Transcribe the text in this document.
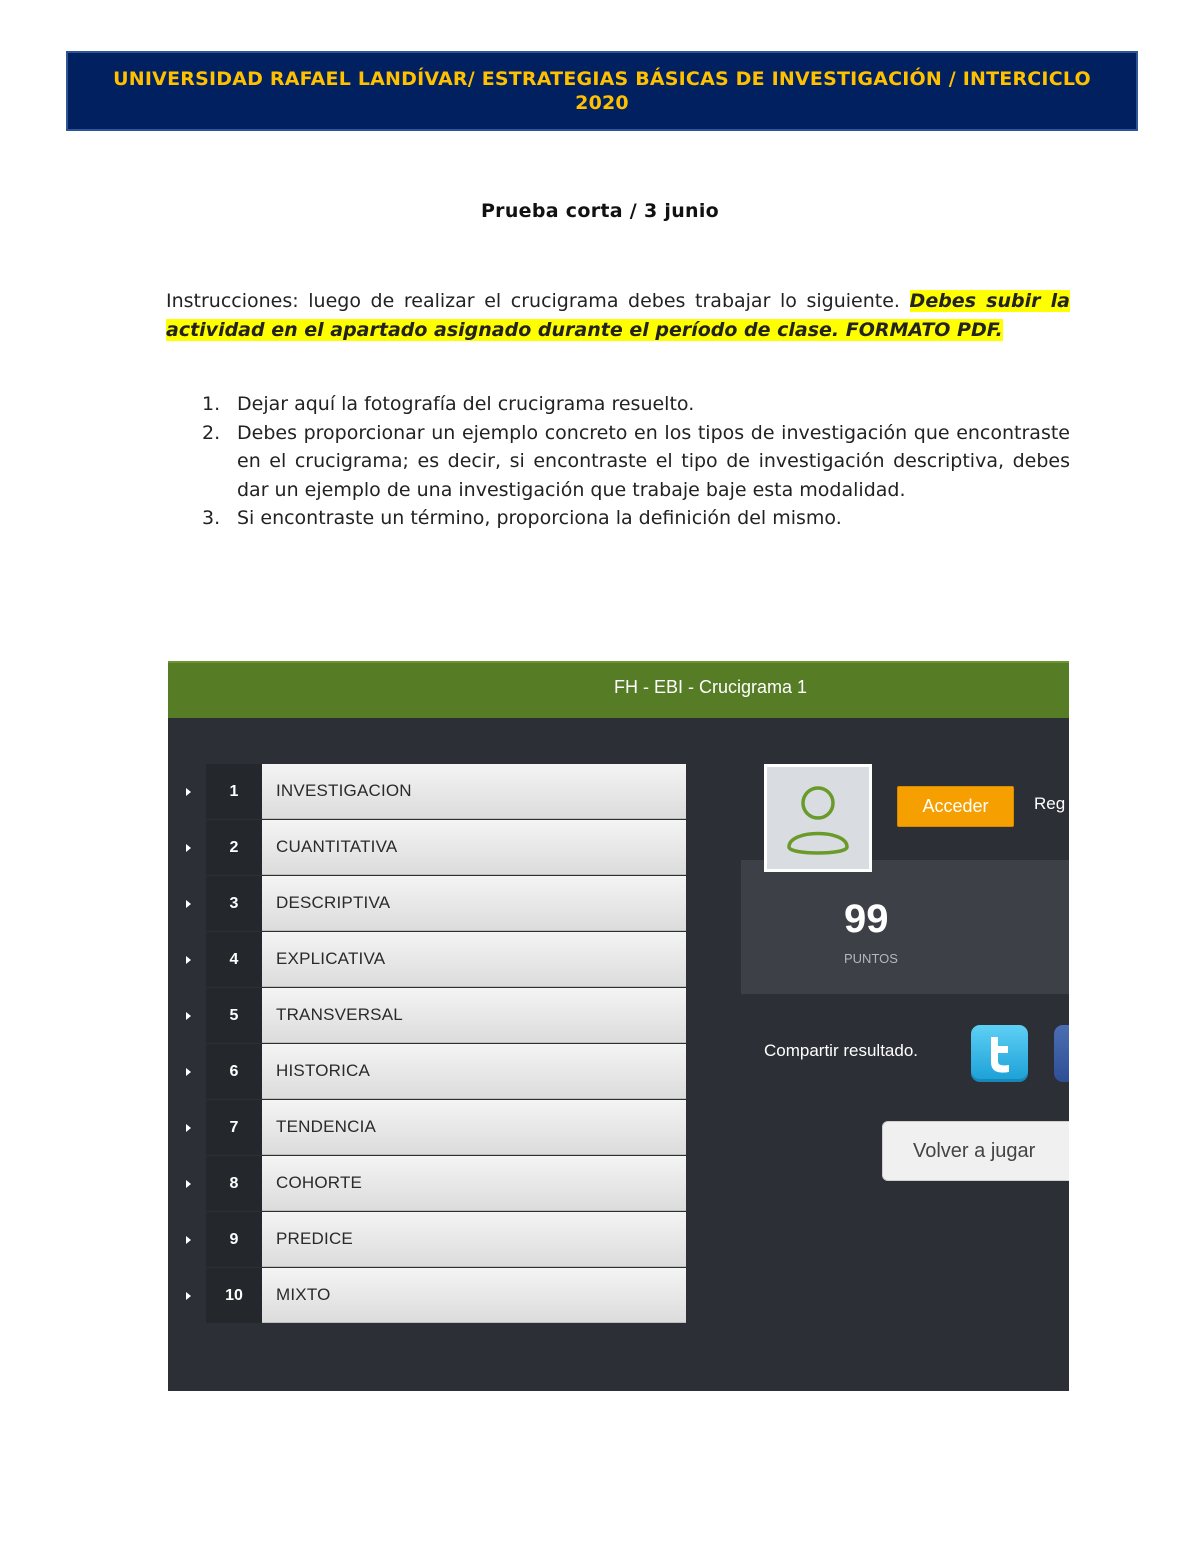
UNIVERSIDAD RAFAEL LANDÍVAR/ ESTRATEGIAS BÁSICAS DE INVESTIGACIÓN / INTERCICLO 2020
Prueba corta / 3 junio
Instrucciones: luego de realizar el crucigrama debes trabajar lo siguiente. Debes subir la actividad en el apartado asignado durante el período de clase. FORMATO PDF.
1. Dejar aquí la fotografía del crucigrama resuelto.
2. Debes proporcionar un ejemplo concreto en los tipos de investigación que encontraste en el crucigrama; es decir, si encontraste el tipo de investigación descriptiva, debes dar un ejemplo de una investigación que trabaje baje esta modalidad.
3. Si encontraste un término, proporciona la definición del mismo.
FH - EBI - Crucigrama 1
1	INVESTIGACION
2	CUANTITATIVA
3	DESCRIPTIVA
4	EXPLICATIVA
5	TRANSVERSAL
6	HISTORICA
7	TENDENCIA
8	COHORTE
9	PREDICE
10	MIXTO
Acceder	Reg
99
PUNTOS
Compartir resultado.
Volver a jugar
